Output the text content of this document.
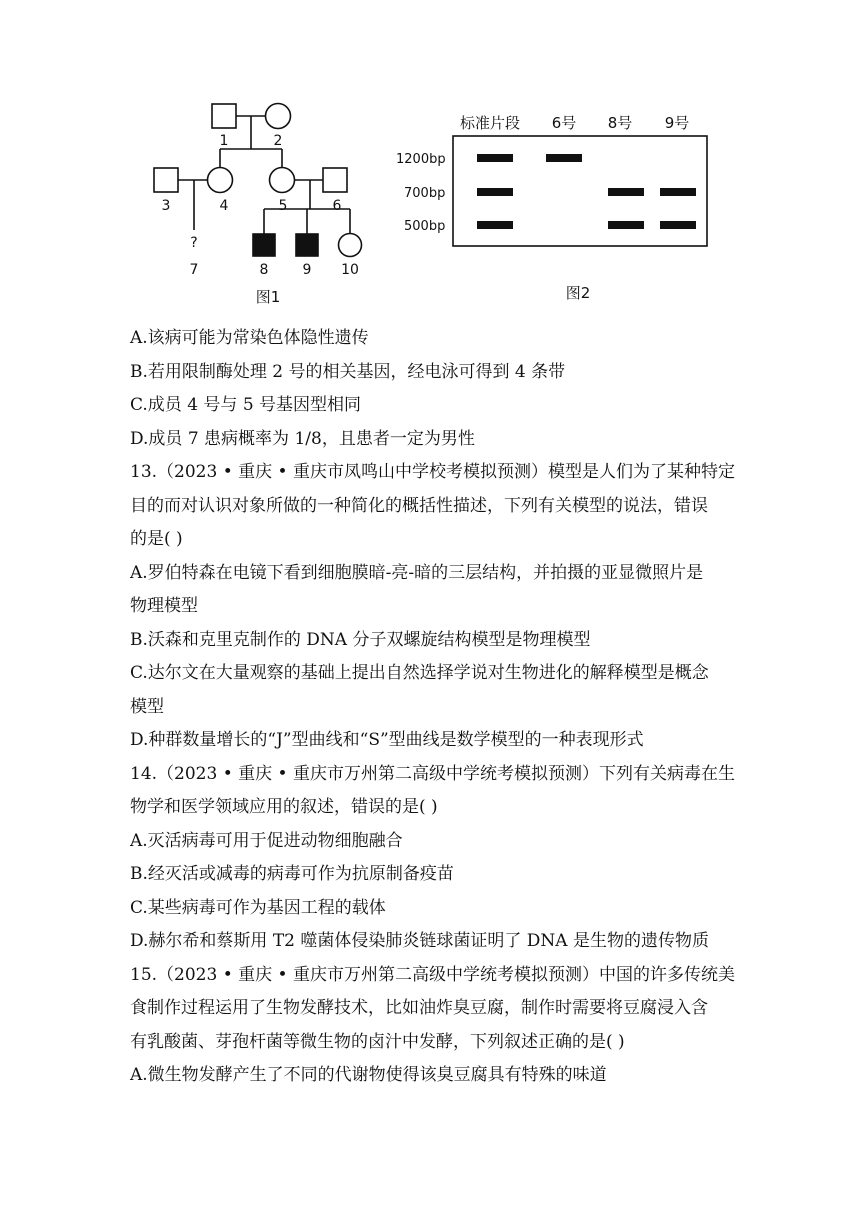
1	2
3	4	5	6
?
7	8 9 10
图1
标准片段 6号 8号 9号
1200bp
700bp
500bp
图2
A.该病可能为常染色体隐性遗传
B.若用限制酶处理 2 号的相关基因，经电泳可得到 4 条带
C.成员 4 号与 5 号基因型相同
D.成员 7 患病概率为 1/8，且患者一定为男性
13.（2023 • 重庆 • 重庆市凤鸣山中学校考模拟预测）模型是人们为了某种特定
目的而对认识对象所做的一种简化的概括性描述，下列有关模型的说法，错误
的是( )
A.罗伯特森在电镜下看到细胞膜暗-亮-暗的三层结构，并拍摄的亚显微照片是
物理模型
B.沃森和克里克制作的 DNA 分子双螺旋结构模型是物理模型
C.达尔文在大量观察的基础上提出自然选择学说对生物进化的解释模型是概念
模型
D.种群数量增长的“J”型曲线和“S”型曲线是数学模型的一种表现形式
14.（2023 • 重庆 • 重庆市万州第二高级中学统考模拟预测）下列有关病毒在生
物学和医学领域应用的叙述，错误的是( )
A.灭活病毒可用于促进动物细胞融合
B.经灭活或减毒的病毒可作为抗原制备疫苗
C.某些病毒可作为基因工程的载体
D.赫尔希和蔡斯用 T2 噬菌体侵染肺炎链球菌证明了 DNA 是生物的遗传物质
15.（2023 • 重庆 • 重庆市万州第二高级中学统考模拟预测）中国的许多传统美
食制作过程运用了生物发酵技术，比如油炸臭豆腐，制作时需要将豆腐浸入含
有乳酸菌、芽孢杆菌等微生物的卤汁中发酵，下列叙述正确的是( )
A.微生物发酵产生了不同的代谢物使得该臭豆腐具有特殊的味道
